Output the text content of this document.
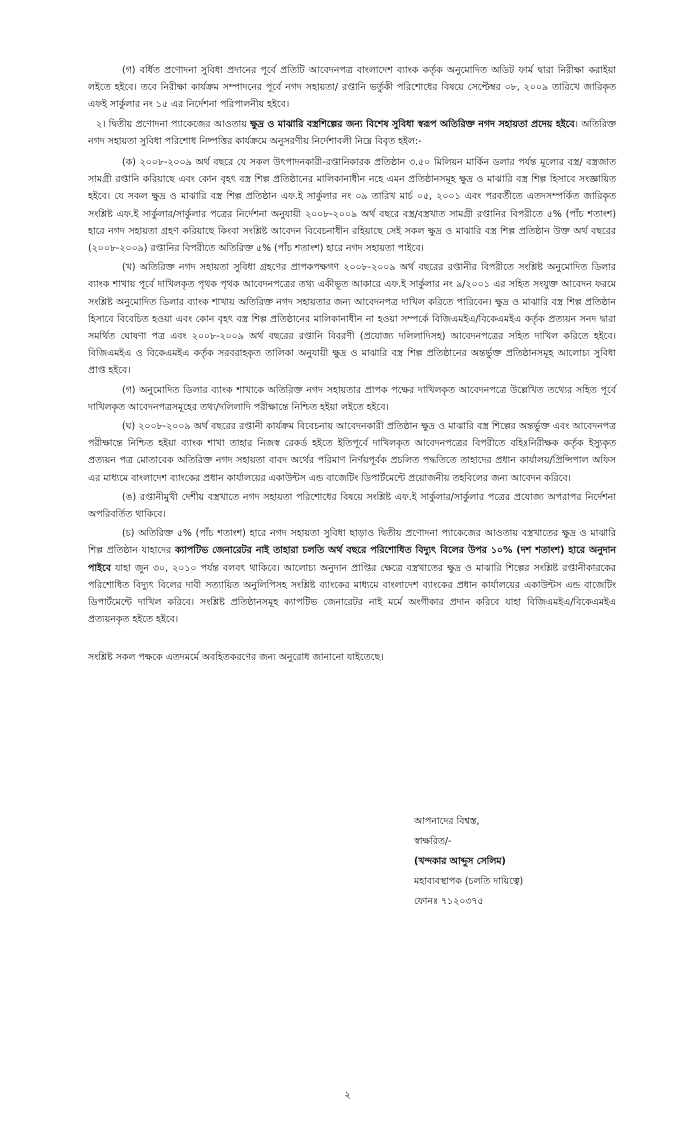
(গ) বর্ধিত প্রণোদনা সুবিধা প্রদানের পূর্বে প্রতিটি আবেদনপত্র বাংলাদেশ ব্যাংক কর্তৃক অনুমোদিত অডিট ফার্ম দ্বারা নিরীক্ষা করাইয়া লইতে হইবে। তবে নিরীক্ষা কার্যক্রম সম্পাদনের পূর্বে নগদ সহায়তা/ রপ্তানি ভর্তুকী পরিশোধের বিষয়ে সেপ্টেম্বর ০৮, ২০০৯ তারিখে জারিকৃত এফই সার্কুলার নং ১৫ এর নির্দেশনা পরিপালনীয় হইবে।

২। দ্বিতীয় প্রণোদনা প্যাকেজের আওতায় ক্ষুদ্র ও মাঝারি বস্ত্রশিল্পের জন্য বিশেষ সুবিধা স্বরূপ অতিরিক্ত নগদ সহায়তা প্রদেয় হইবে। অতিরিক্ত নগদ সহায়তা সুবিধা পরিশোধ নিষ্পত্তির কার্যক্রমে অনুসরণীয় নির্দেশাবলী নিম্নে বিবৃত হইল:-

(ক) ২০০৮-২০০৯ অর্থ বছরে যে সকল উৎপাদনকারী-রপ্তানিকারক প্রতিষ্ঠান ৩.৫০ মিলিয়ন মার্কিন ডলার পর্যন্ত মূল্যের বস্ত্র/ বস্ত্রজাত সামগ্রী রপ্তানি করিয়াছে এবং কোন বৃহৎ বস্ত্র শিল্প প্রতিষ্ঠানের মালিকানাধীন নহে এমন প্রতিষ্ঠানসমূহ ক্ষুদ্র ও মাঝারি বস্ত্র শিল্প হিসাবে সংজ্ঞায়িত হইবে। যে সকল ক্ষুদ্র ও মাঝারি বস্ত্র শিল্প প্রতিষ্ঠান এফ.ই সার্কুলার নং ০৯ তারিখ মার্চ ০৫, ২০০১ এবং পরবর্তীতে এতদসম্পর্কিত জারিকৃত সংশ্লিষ্ট এফ.ই সার্কুলার/সার্কুলার পত্রের নির্দেশনা অনুযায়ী ২০০৮-২০০৯ অর্থ বছরে বস্ত্র/বস্ত্রখাত সামগ্রী রপ্তানির বিপরীতে ৫% (পাঁচ শতাংশ) হারে নগদ সহায়তা গ্রহণ করিয়াছে কিংবা সংশ্লিষ্ট আবেদন বিবেচনাধীন রহিয়াছে সেই সকল ক্ষুদ্র ও মাঝারি বস্ত্র শিল্প প্রতিষ্ঠান উক্ত অর্থ বছরের (২০০৮-২০০৯) রপ্তানির বিপরীতে অতিরিক্ত ৫% (পাঁচ শতাংশ) হারে নগদ সহায়তা পাইবে।

(খ) অতিরিক্ত নগদ সহায়তা সুবিধা গ্রহণের প্রাপকপক্ষগণ ২০০৮-২০০৯ অর্থ বছরের রপ্তানীর বিপরীতে সংশ্লিষ্ট অনুমোদিত ডিলার ব্যাংক শাখায় পূর্বে দাখিলকৃত পৃথক পৃথক আবেদনপত্রের তথ্য একীভূত আকারে এফ.ই সার্কুলার নং ৯/২০০১ এর সহিত সংযুক্ত আবেদন ফরমে সংশ্লিষ্ট অনুমোদিত ডিলার ব্যাংক শাখায় অতিরিক্ত নগদ সহায়তার জন্য আবেদনপত্র দাখিল করিতে পারিবেন। ক্ষুদ্র ও মাঝারি বস্ত্র শিল্প প্রতিষ্ঠান হিসাবে বিবেচিত হওয়া এবং কোন বৃহৎ বস্ত্র শিল্প প্রতিষ্ঠানের মালিকানাধীন না হওয়া সম্পর্কে বিজিএমইএ/বিকেএমইএ কর্তৃক প্রত্যয়ন সনদ দ্বারা সমর্থিত ঘোষণা পত্র এবং ২০০৮-২০০৯ অর্থ বছরের রপ্তানি বিবরণী (প্রযোজ্য দলিলাদিসহ) আবেদনপত্রের সহিত দাখিল করিতে হইবে। বিজিএমইএ ও বিকেএমইএ কর্তৃক সরবরাহকৃত তালিকা অনুযায়ী ক্ষুদ্র ও মাঝারি বস্ত্র শিল্প প্রতিষ্ঠানের অন্তর্ভুক্ত প্রতিষ্ঠানসমূহ আলোচ্য সুবিধা প্রাপ্ত হইবে।

(গ) অনুমোদিত ডিলার ব্যাংক শাখাকে অতিরিক্ত নগদ সহায়তার প্রাপক পক্ষের দাখিলকৃত আবেদনপত্রে উল্লেখিত তথ্যের সহিত পূর্বে দাখিলকৃত আবেদনপত্রসমূহের তথ্য/দলিলাদি পরীক্ষান্তে নিশ্চিত হইয়া লইতে হইবে।

(ঘ) ২০০৮-২০০৯ অর্থ বছরের রপ্তানী কার্যক্রম বিবেচনায় আবেদনকারী প্রতিষ্ঠান ক্ষুদ্র ও মাঝারি বস্ত্র শিল্পের অন্তর্ভুক্ত এবং আবেদনপত্র পরীক্ষান্তে নিশ্চিত হইয়া ব্যাংক শাখা তাহার নিজস্ব রেকর্ড হইতে ইতিপূর্বে দাখিলকৃত আবেদনপত্রের বিপরীতে বহিঃনিরীক্ষক কর্তৃক ইস্যুকৃত প্রত্যয়ন পত্র মোতাবেক অতিরিক্ত নগদ সহায়তা বাবদ অর্থের পরিমাণ নির্ণয়পূর্বক প্রচলিত পদ্ধতিতে তাহাদের প্রধান কার্যালয়/প্রিন্সিপাল অফিস এর মাধ্যমে বাংলাদেশ ব্যাংকের প্রধান কার্যালয়ের একাউন্টস এন্ড বাজেটিং ডিপার্টমেন্টে প্রয়োজনীয় তহবিলের জন্য আবেদন করিবে।

(ঙ) রপ্তানীমুখী দেশীয় বস্ত্রখাতে নগদ সহায়তা পরিশোধের বিষয়ে সংশ্লিষ্ট এফ.ই সার্কুলার/সার্কুলার পত্রের প্রযোজ্য অপরাপর নির্দেশনা অপরিবর্তিত থাকিবে।

(চ) অতিরিক্ত ৫% (পাঁচ শতাংশ) হারে নগদ সহায়তা সুবিধা ছাড়াও দ্বিতীয় প্রণোদনা প্যাকেজের আওতায় বস্ত্রখাতের ক্ষুদ্র ও মাঝারি শিল্প প্রতিষ্ঠান যাহাদের ক্যাপটিভ জেনারেটর নাই তাহারা চলতি অর্থ বছরে পরিশোধিত বিদ্যুৎ বিলের উপর ১০% (দশ শতাংশ) হারে অনুদান পাইবে যাহা জুন ৩০, ২০১০ পর্যন্ত বলবৎ থাকিবে। আলোচ্য অনুদান প্রাপ্তির ক্ষেত্রে বস্ত্রখাতের ক্ষুদ্র ও মাঝারি শিল্পের সংশ্লিষ্ট রপ্তানীকারকের পরিশোধিত বিদ্যুৎ বিলের দাবী সত্যায়িত অনুলিপিসহ সংশ্লিষ্ট ব্যাংকের মাধ্যমে বাংলাদেশ ব্যাংকের প্রধান কার্যালয়ের একাউন্টস এন্ড বাজেটিং ডিপার্টমেন্টে দাখিল করিবে। সংশ্লিষ্ট প্রতিষ্ঠানসমূহ ক্যাপটিভ জেনারেটর নাই মর্মে অংগীকার প্রদান করিবে যাহা বিজিএমইএ/বিকেএমইএ প্রত্যয়নকৃত হইতে হইবে।

সংশ্লিষ্ট সকল পক্ষকে এতদমর্মে অবহিতকরণের জন্য অনুরোধ জানানো যাইতেছে।

আপনাদের বিশ্বস্ত,
স্বাক্ষরিত/-
(খন্দকার আব্দুস সেলিম)
মহাব্যবস্থাপক (চলতি দায়িত্বে)
ফোনঃ ৭১২০৩৭৫
২
